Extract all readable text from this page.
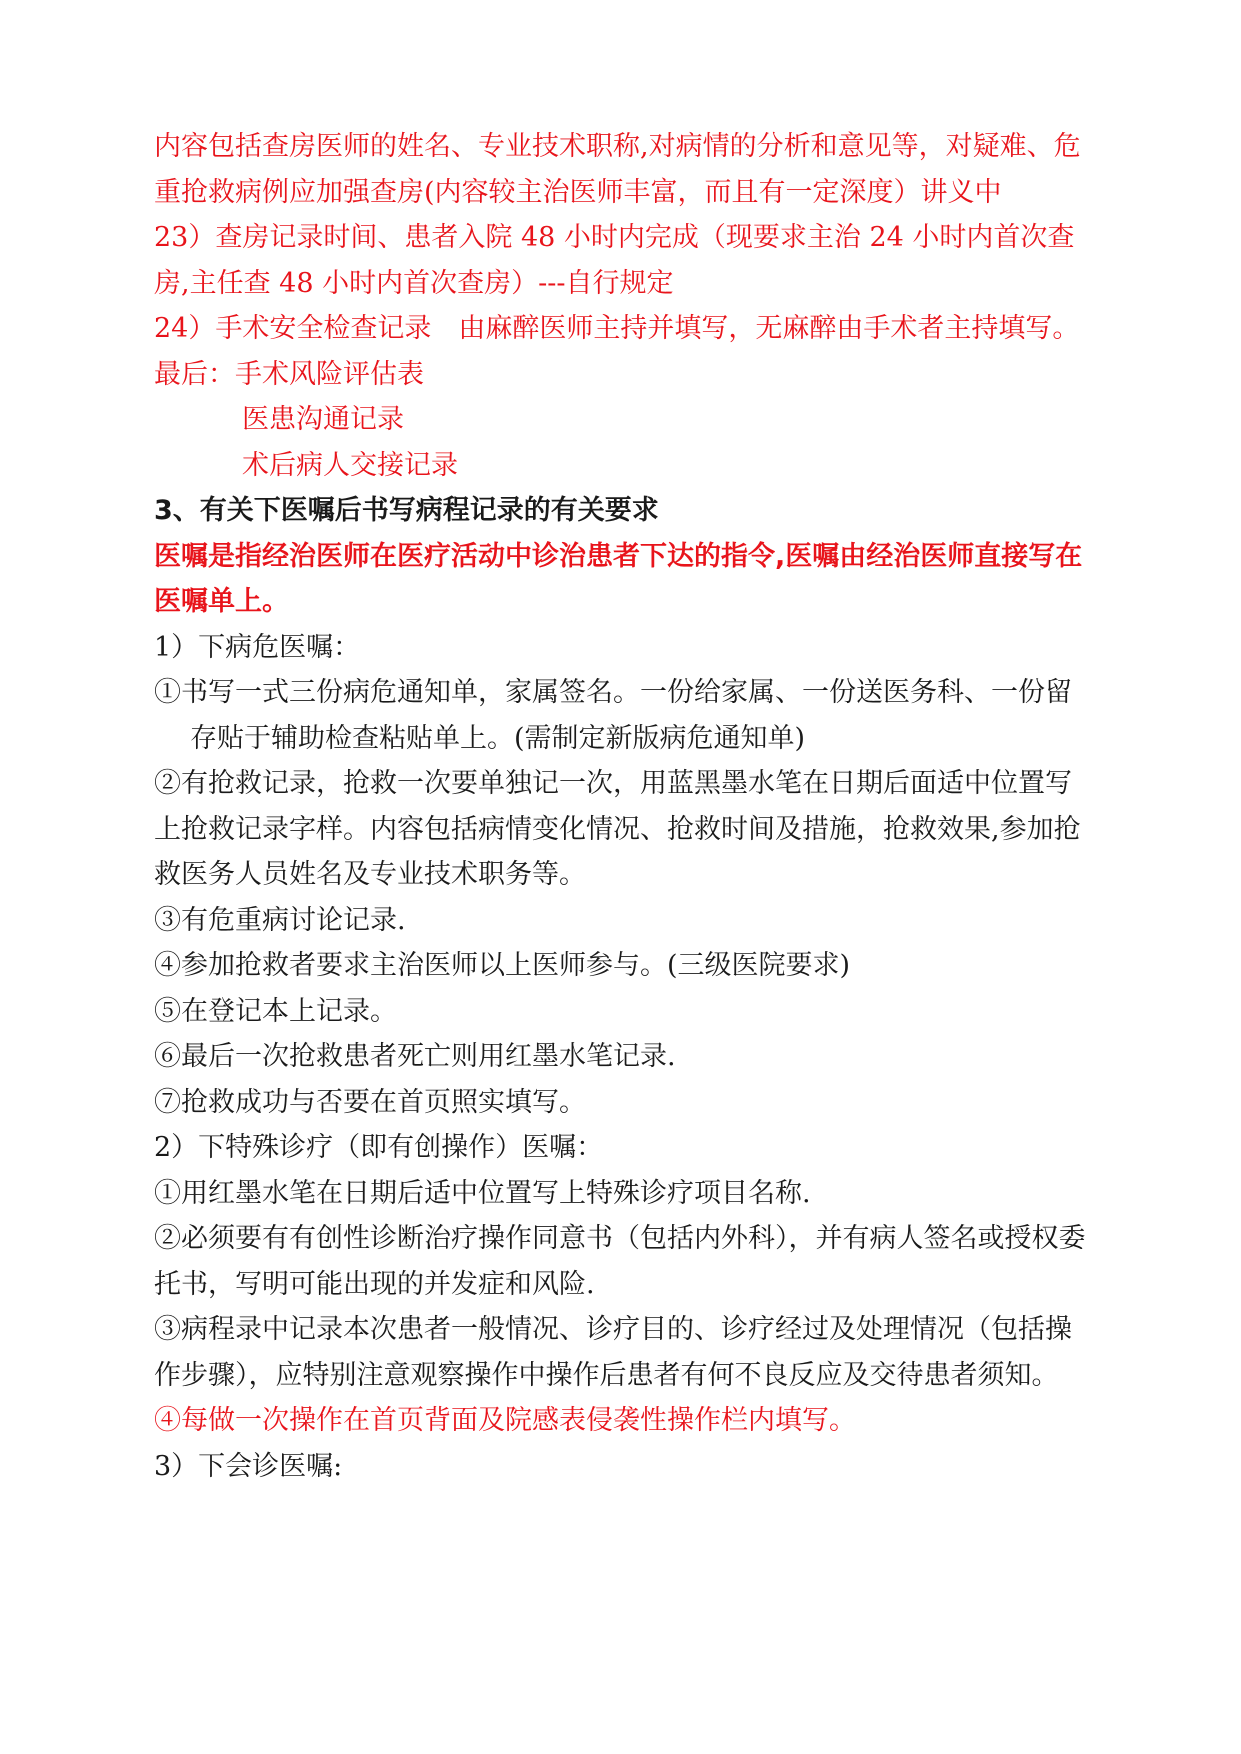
内容包括查房医师的姓名、专业技术职称,对病情的分析和意见等，对疑难、危重抢救病例应加强查房(内容较主治医师丰富，而且有一定深度）讲义中

23）查房记录时间、患者入院 48 小时内完成（现要求主治 24 小时内首次查房,主任查 48 小时内首次查房）---自行规定

24）手术安全检查记录　由麻醉医师主持并填写，无麻醉由手术者主持填写。

最后：手术风险评估表

医患沟通记录

术后病人交接记录

3、有关下医嘱后书写病程记录的有关要求

医嘱是指经治医师在医疗活动中诊治患者下达的指令,医嘱由经治医师直接写在医嘱单上。

1）下病危医嘱：

①书写一式三份病危通知单，家属签名。一份给家属、一份送医务科、一份留存贴于辅助检查粘贴单上。(需制定新版病危通知单)

②有抢救记录，抢救一次要单独记一次，用蓝黑墨水笔在日期后面适中位置写上抢救记录字样。内容包括病情变化情况、抢救时间及措施，抢救效果,参加抢救医务人员姓名及专业技术职务等。

③有危重病讨论记录.

④参加抢救者要求主治医师以上医师参与。(三级医院要求)

⑤在登记本上记录。

⑥最后一次抢救患者死亡则用红墨水笔记录.

⑦抢救成功与否要在首页照实填写。

2）下特殊诊疗（即有创操作）医嘱：

①用红墨水笔在日期后适中位置写上特殊诊疗项目名称.

②必须要有有创性诊断治疗操作同意书（包括内外科），并有病人签名或授权委托书，写明可能出现的并发症和风险.

③病程录中记录本次患者一般情况、诊疗目的、诊疗经过及处理情况（包括操作步骤），应特别注意观察操作中操作后患者有何不良反应及交待患者须知。

④每做一次操作在首页背面及院感表侵袭性操作栏内填写。

3）下会诊医嘱:
